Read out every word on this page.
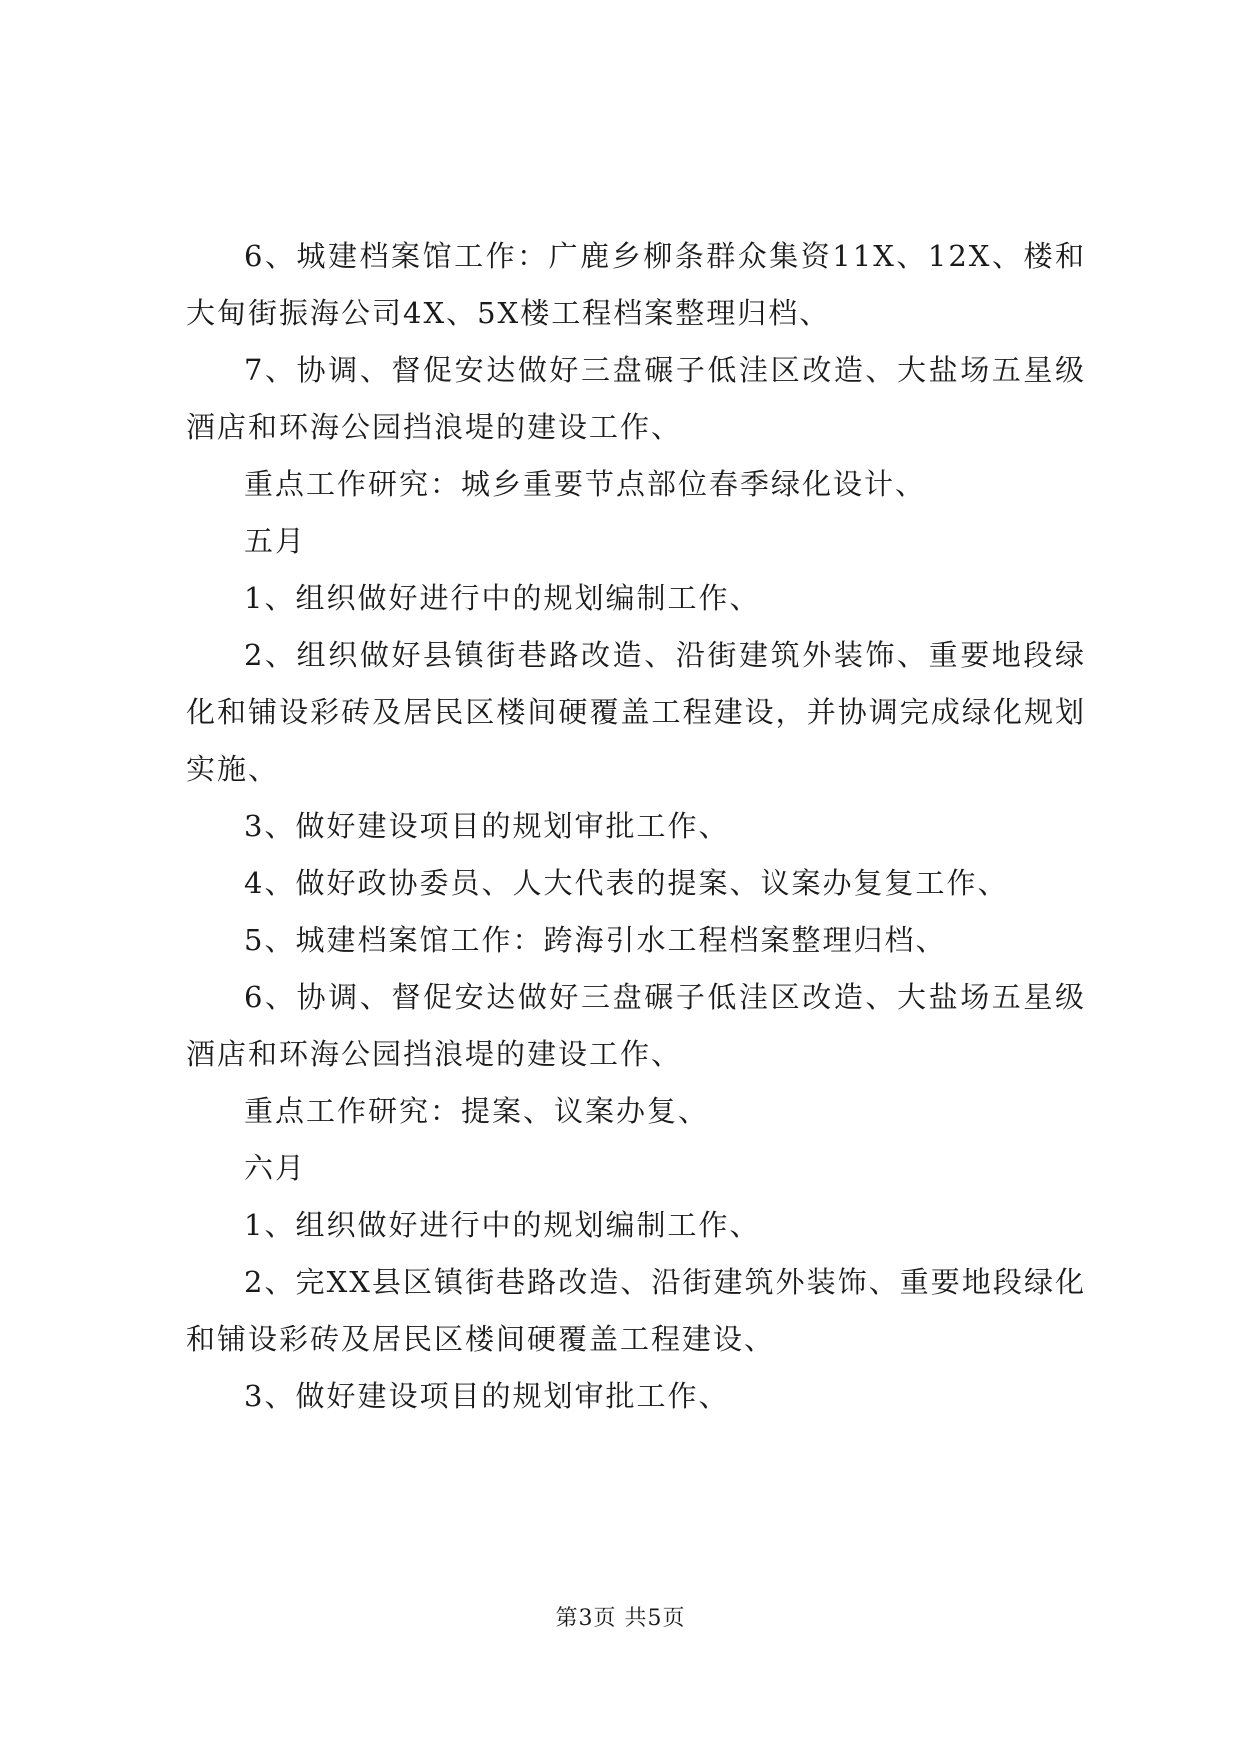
6、城建档案馆工作：广鹿乡柳条群众集资11X、12X、楼和大甸街振海公司4X、5X楼工程档案整理归档、

7、协调、督促安达做好三盘碾子低洼区改造、大盐场五星级酒店和环海公园挡浪堤的建设工作、

重点工作研究：城乡重要节点部位春季绿化设计、

五月

1、组织做好进行中的规划编制工作、

2、组织做好县镇街巷路改造、沿街建筑外装饰、重要地段绿化和铺设彩砖及居民区楼间硬覆盖工程建设，并协调完成绿化规划实施、

3、做好建设项目的规划审批工作、

4、做好政协委员、人大代表的提案、议案办复复工作、

5、城建档案馆工作：跨海引水工程档案整理归档、

6、协调、督促安达做好三盘碾子低洼区改造、大盐场五星级酒店和环海公园挡浪堤的建设工作、

重点工作研究：提案、议案办复、

六月

1、组织做好进行中的规划编制工作、

2、完XX县区镇街巷路改造、沿街建筑外装饰、重要地段绿化和铺设彩砖及居民区楼间硬覆盖工程建设、

3、做好建设项目的规划审批工作、

第3页 共5页
